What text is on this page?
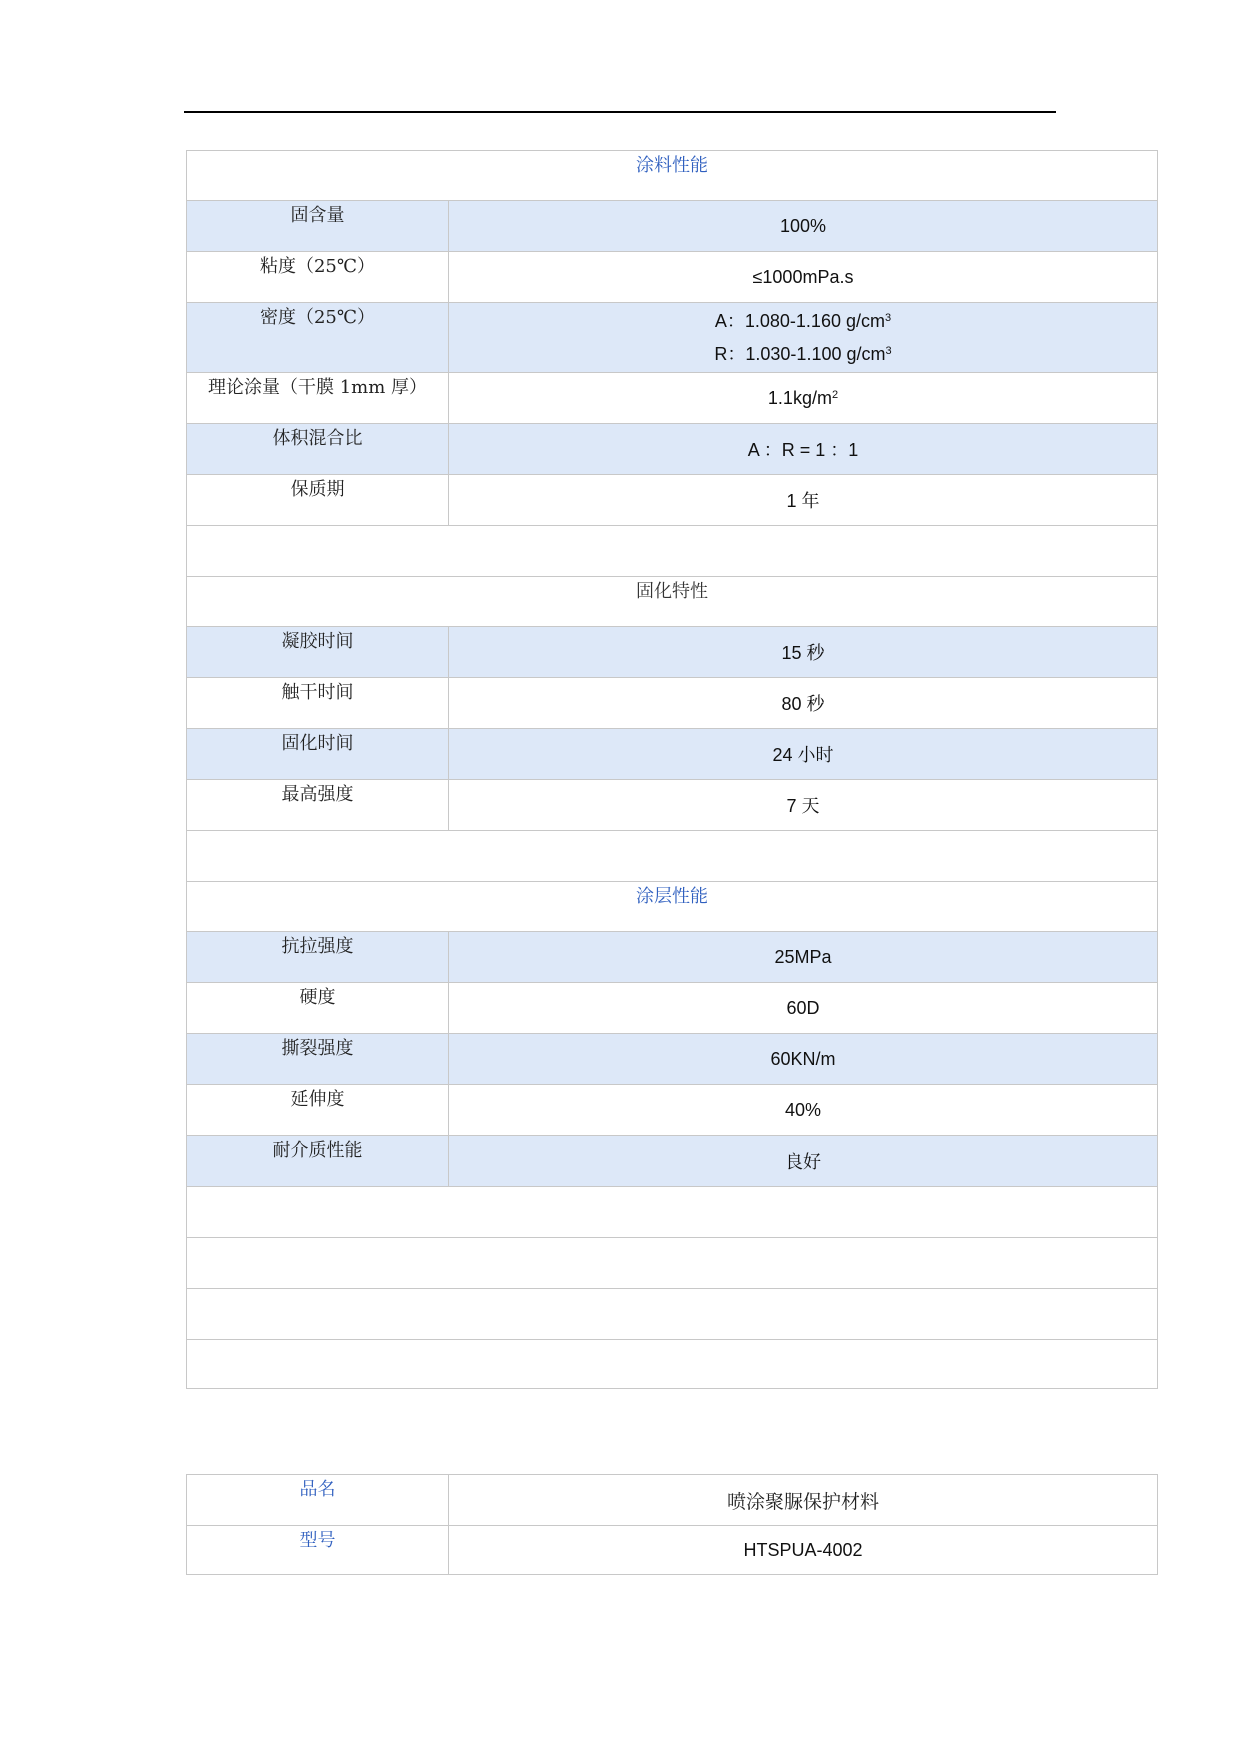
涂料性能	
固含量	100%
粘度（25℃）	≤1000mPa.s
密度（25℃）	A：1.080-1.160 $g/cm^3$
R：1.030-1.100 $g/cm^3$

理论涂量（干膜 1mm 厚）	$1.1kg/m^2$
体积混合比	A ：R = 1 ：1
保质期	1 年

固化特性	
凝胶时间	15 秒
触干时间	80 秒
固化时间	24 小时
最高强度	7 天

涂层性能	
抗拉强度	25MPa
硬度	60D
撕裂强度	60KN/m
延伸度	40%
耐介质性能	良好

品名	喷涂聚脲保护材料
型号	HTSPUA-4002
